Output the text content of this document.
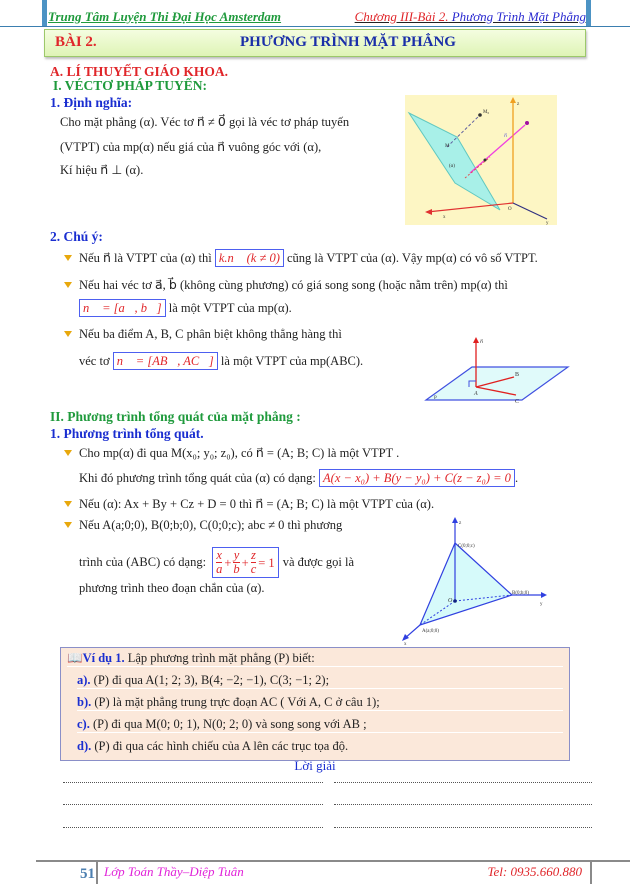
Trung Tâm Luyện Thi Đại Học Amsterdam	Chương III-Bài 2. Phương Trình Mặt Phẳng
BÀI 2.	PHƯƠNG TRÌNH MẶT PHẲNG
A. LÍ THUYẾT GIÁO KHOA.
I. VÉCTƠ PHÁP TUYẾN:
1. Định nghĩa:
Cho mặt phẳng (α). Véc tơ n⃗ ≠ 0⃗ gọi là véc tơ pháp tuyến
(VTPT) của mp(α) nếu giá của n⃗ vuông góc với (α),
Kí hiệu n⃗ ⊥ (α).
z
M₀
n⃗
(α)
M
O
x
y
2. Chú ý:
Nếu n⃗ là VTPT của (α) thì k.n⃗ (k ≠ 0) cũng là VTPT của (α). Vậy mp(α) có vô số VTPT.
Nếu hai véc tơ a⃗, b⃗ (không cùng phương) có giá song song (hoặc nằm trên) mp(α) thì
n⃗ = [a⃗, b⃗] là một VTPT của mp(α).
Nếu ba điểm A, B, C phân biệt không thẳng hàng thì
véc tơ n⃗ = [AB⃗, AC⃗] là một VTPT của mp(ABC).
n⃗
A
B
C
P
II. Phương trình tổng quát của mặt phẳng :
1. Phương trình tổng quát.
Cho mp(α) đi qua M(x₀; y₀; z₀), có n⃗ = (A; B; C) là một VTPT .
Khi đó phương trình tổng quát của (α) có dạng: A(x − x₀) + B(y − y₀) + C(z − z₀) = 0 .
Nếu (α): Ax + By + Cz + D = 0 thì n⃗ = (A; B; C) là một VTPT của (α).
Nếu A(a;0;0), B(0;b;0), C(0;0;c); abc ≠ 0 thì phương
trình của (ABC) có dạng: $\frac{x}{a} + \frac{y}{b} + \frac{z}{c} = 1$ và được gọi là
phương trình theo đoạn chắn của (α).
z
C(0;0;c)
B(0;b;0)
O
y
A(a;0;0)
x
📖Ví dụ 1. Lập phương trình mặt phẳng (P) biết:
a). (P) đi qua A(1; 2; 3), B(4; −2; −1), C(3; −1; 2);
b). (P) là mặt phẳng trung trực đoạn AC ( Với A, C ở câu 1);
c). (P) đi qua M(0; 0; 1), N(0; 2; 0) và song song với AB ;
d). (P) đi qua các hình chiếu của A lên các trục tọa độ.
Lời giải
51 Lớp Toán Thầy–Diệp Tuân	Tel: 0935.660.880
